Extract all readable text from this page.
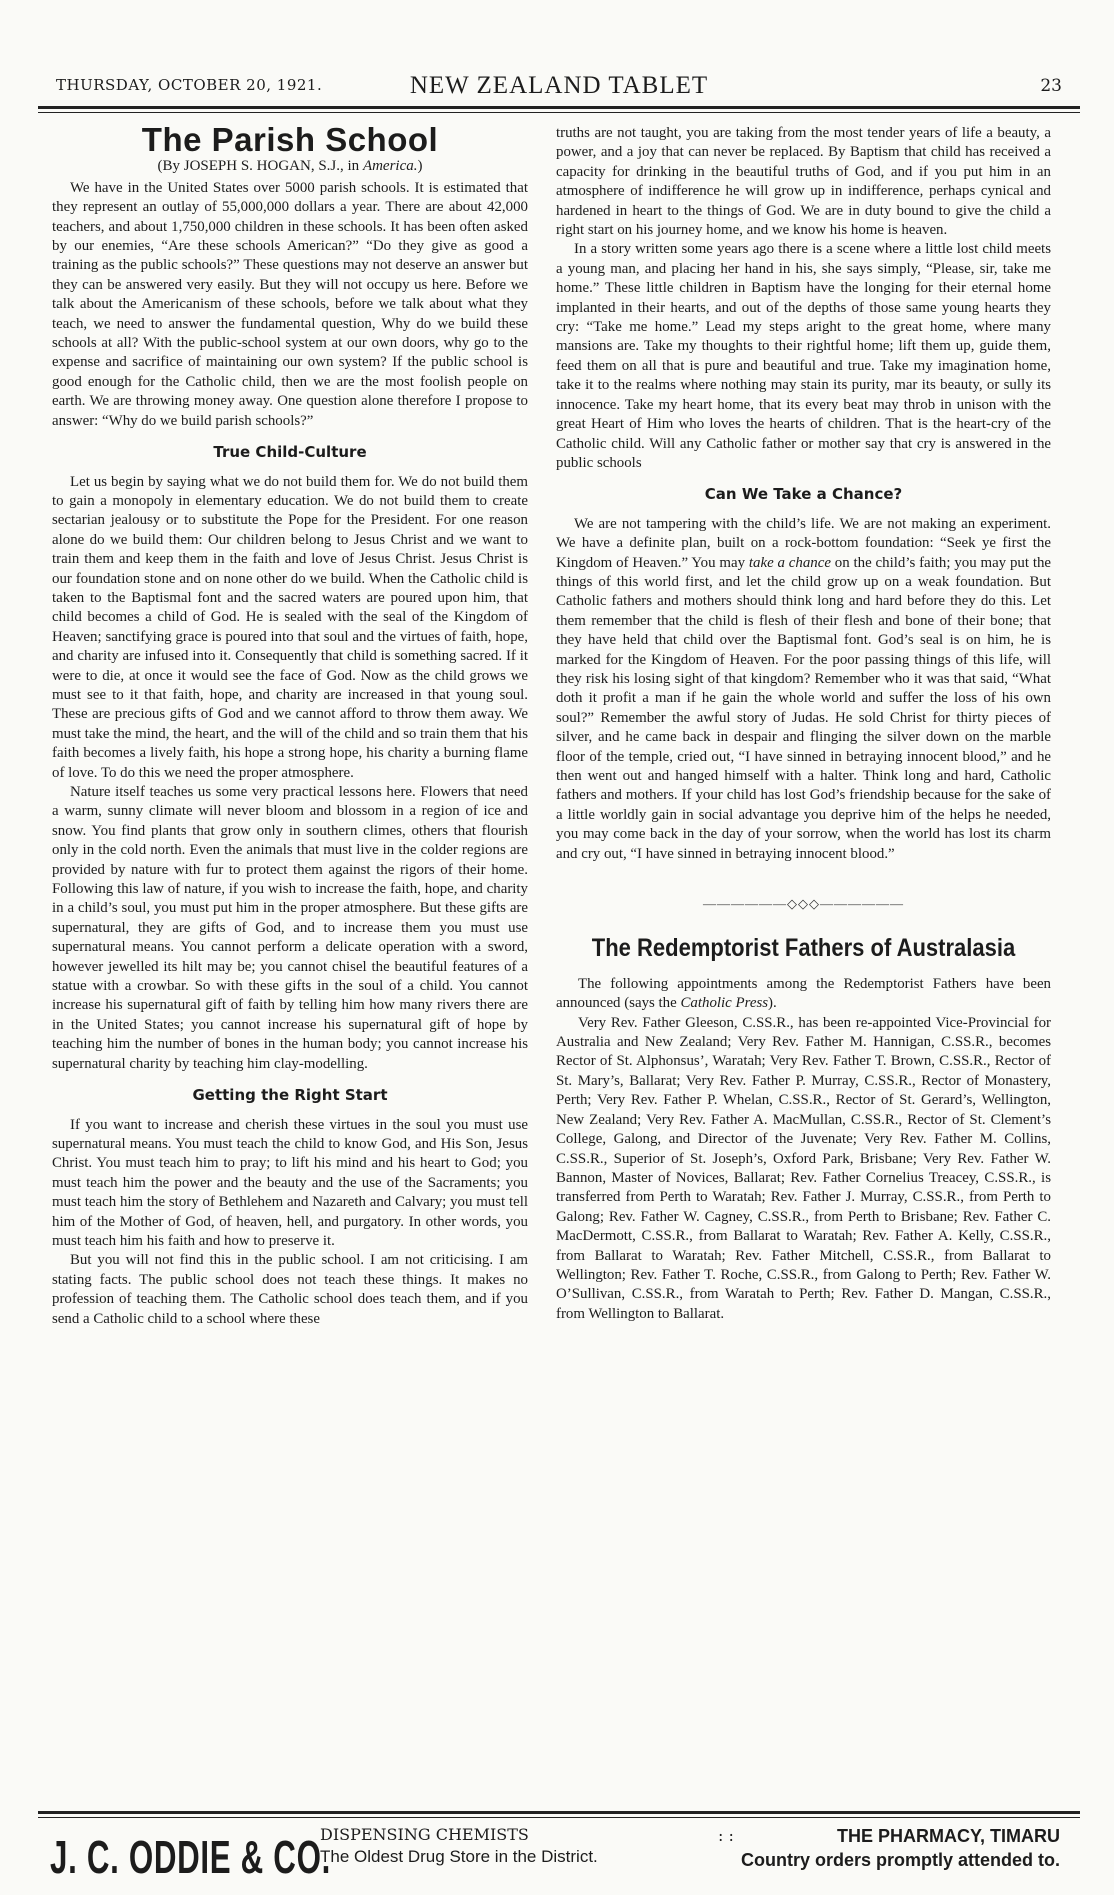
THURSDAY, OCTOBER 20, 1921.	NEW ZEALAND TABLET	23
The Parish School
(By JOSEPH S. HOGAN, S.J., in America.)

We have in the United States over 5000 parish schools. It is estimated that they represent an outlay of 55,000,000 dollars a year. There are about 42,000 teachers, and about 1,750,000 children in these schools. It has been often asked by our enemies, “Are these schools American?” “Do they give as good a training as the public schools?” These questions may not deserve an answer but they can be answered very easily. But they will not occupy us here. Before we talk about the Americanism of these schools, before we talk about what they teach, we need to answer the fundamental question, Why do we build these schools at all? With the public-school system at our own doors, why go to the expense and sacrifice of maintaining our own system? If the public school is good enough for the Catholic child, then we are the most foolish people on earth. We are throwing money away. One question alone therefore I propose to answer: “Why do we build parish schools?”

True Child-Culture

Let us begin by saying what we do not build them for. We do not build them to gain a monopoly in elementary education. We do not build them to create sectarian jealousy or to substitute the Pope for the President. For one reason alone do we build them: Our children belong to Jesus Christ and we want to train them and keep them in the faith and love of Jesus Christ. Jesus Christ is our foundation stone and on none other do we build. When the Catholic child is taken to the Baptismal font and the sacred waters are poured upon him, that child becomes a child of God. He is sealed with the seal of the Kingdom of Heaven; sanctifying grace is poured into that soul and the virtues of faith, hope, and charity are infused into it. Consequently that child is something sacred. If it were to die, at once it would see the face of God. Now as the child grows we must see to it that faith, hope, and charity are increased in that young soul. These are precious gifts of God and we cannot afford to throw them away. We must take the mind, the heart, and the will of the child and so train them that his faith becomes a lively faith, his hope a strong hope, his charity a burning flame of love. To do this we need the proper atmosphere.

Nature itself teaches us some very practical lessons here. Flowers that need a warm, sunny climate will never bloom and blossom in a region of ice and snow. You find plants that grow only in southern climes, others that flourish only in the cold north. Even the animals that must live in the colder regions are provided by nature with fur to protect them against the rigors of their home. Following this law of nature, if you wish to increase the faith, hope, and charity in a child’s soul, you must put him in the proper atmosphere. But these gifts are supernatural, they are gifts of God, and to increase them you must use supernatural means. You cannot perform a delicate operation with a sword, however jewelled its hilt may be; you cannot chisel the beautiful features of a statue with a crowbar. So with these gifts in the soul of a child. You cannot increase his supernatural gift of faith by telling him how many rivers there are in the United States; you cannot increase his supernatural gift of hope by teaching him the number of bones in the human body; you cannot increase his supernatural charity by teaching him clay-modelling.

Getting the Right Start

If you want to increase and cherish these virtues in the soul you must use supernatural means. You must teach the child to know God, and His Son, Jesus Christ. You must teach him to pray; to lift his mind and his heart to God; you must teach him the power and the beauty and the use of the Sacraments; you must teach him the story of Bethlehem and Nazareth and Calvary; you must tell him of the Mother of God, of heaven, hell, and purgatory. In other words, you must teach him his faith and how to preserve it.

But you will not find this in the public school. I am not criticising. I am stating facts. The public school does not teach these things. It makes no profession of teaching them. The Catholic school does teach them, and if you send a Catholic child to a school where these

truths are not taught, you are taking from the most tender years of life a beauty, a power, and a joy that can never be replaced. By Baptism that child has received a capacity for drinking in the beautiful truths of God, and if you put him in an atmosphere of indifference he will grow up in indifference, perhaps cynical and hardened in heart to the things of God. We are in duty bound to give the child a right start on his journey home, and we know his home is heaven.

In a story written some years ago there is a scene where a little lost child meets a young man, and placing her hand in his, she says simply, “Please, sir, take me home.” These little children in Baptism have the longing for their eternal home implanted in their hearts, and out of the depths of those same young hearts they cry: “Take me home.” Lead my steps aright to the great home, where many mansions are. Take my thoughts to their rightful home; lift them up, guide them, feed them on all that is pure and beautiful and true. Take my imagination home, take it to the realms where nothing may stain its purity, mar its beauty, or sully its innocence. Take my heart home, that its every beat may throb in unison with the great Heart of Him who loves the hearts of children. That is the heart-cry of the Catholic child. Will any Catholic father or mother say that cry is answered in the public schools

Can We Take a Chance?

We are not tampering with the child’s life. We are not making an experiment. We have a definite plan, built on a rock-bottom foundation: “Seek ye first the Kingdom of Heaven.” You may take a chance on the child’s faith; you may put the things of this world first, and let the child grow up on a weak foundation. But Catholic fathers and mothers should think long and hard before they do this. Let them remember that the child is flesh of their flesh and bone of their bone; that they have held that child over the Baptismal font. God’s seal is on him, he is marked for the Kingdom of Heaven. For the poor passing things of this life, will they risk his losing sight of that kingdom? Remember who it was that said, “What doth it profit a man if he gain the whole world and suffer the loss of his own soul?” Remember the awful story of Judas. He sold Christ for thirty pieces of silver, and he came back in despair and flinging the silver down on the marble floor of the temple, cried out, “I have sinned in betraying innocent blood,” and he then went out and hanged himself with a halter. Think long and hard, Catholic fathers and mothers. If your child has lost God’s friendship because for the sake of a little worldly gain in social advantage you deprive him of the helps he needed, you may come back in the day of your sorrow, when the world has lost its charm and cry out, “I have sinned in betraying innocent blood.”

——————◇◇◇——————
The Redemptorist Fathers of Australasia

The following appointments among the Redemptorist Fathers have been announced (says the Catholic Press).

Very Rev. Father Gleeson, C.SS.R., has been re-appointed Vice-Provincial for Australia and New Zealand; Very Rev. Father M. Hannigan, C.SS.R., becomes Rector of St. Alphonsus’, Waratah; Very Rev. Father T. Brown, C.SS.R., Rector of St. Mary’s, Ballarat; Very Rev. Father P. Murray, C.SS.R., Rector of Monastery, Perth; Very Rev. Father P. Whelan, C.SS.R., Rector of St. Gerard’s, Wellington, New Zealand; Very Rev. Father A. MacMullan, C.SS.R., Rector of St. Clement’s College, Galong, and Director of the Juvenate; Very Rev. Father M. Collins, C.SS.R., Superior of St. Joseph’s, Oxford Park, Brisbane; Very Rev. Father W. Bannon, Master of Novices, Ballarat; Rev. Father Cornelius Treacey, C.SS.R., is transferred from Perth to Waratah; Rev. Father J. Murray, C.SS.R., from Perth to Galong; Rev. Father W. Cagney, C.SS.R., from Perth to Brisbane; Rev. Father C. MacDermott, C.SS.R., from Ballarat to Waratah; Rev. Father A. Kelly, C.SS.R., from Ballarat to Waratah; Rev. Father Mitchell, C.SS.R., from Ballarat to Wellington; Rev. Father T. Roche, C.SS.R., from Galong to Perth; Rev. Father W. O’Sullivan, C.SS.R., from Waratah to Perth; Rev. Father D. Mangan, C.SS.R., from Wellington to Ballarat.

J. C. ODDIE & CO.
DISPENSING CHEMISTS
The Oldest Drug Store in the District.
: :	THE PHARMACY, TIMARU
Country orders promptly attended to.
